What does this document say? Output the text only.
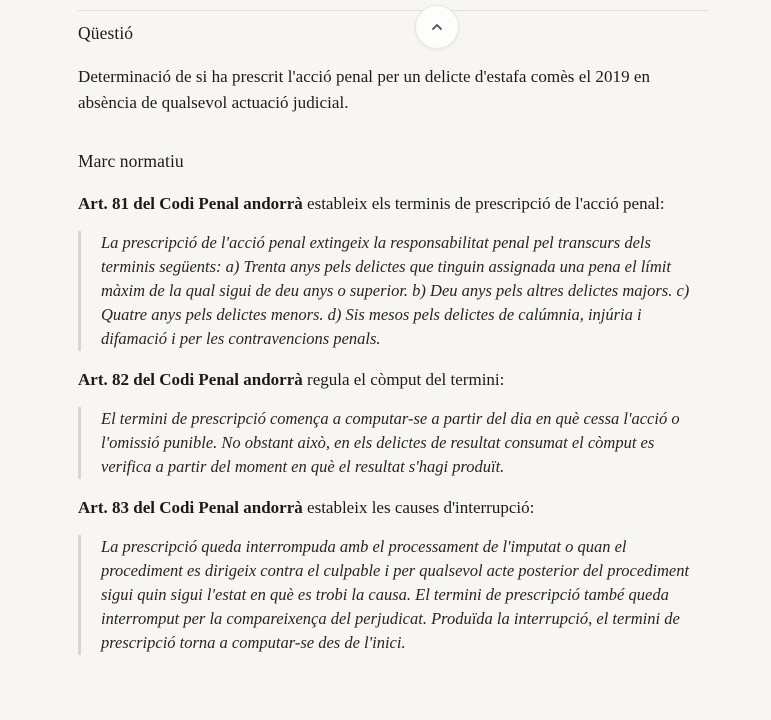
Qüestió

Determinació de si ha prescrit l'acció penal per un delicte d'estafa comès el 2019 en absència de qualsevol actuació judicial.

Marc normatiu

Art. 81 del Codi Penal andorrà estableix els terminis de prescripció de l'acció penal:

La prescripció de l'acció penal extingeix la responsabilitat penal pel transcurs dels terminis següents: a) Trenta anys pels delictes que tinguin assignada una pena el límit màxim de la qual sigui de deu anys o superior. b) Deu anys pels altres delictes majors. c) Quatre anys pels delictes menors. d) Sis mesos pels delictes de calúmnia, injúria i difamació i per les contravencions penals.

Art. 82 del Codi Penal andorrà regula el còmput del termini:

El termini de prescripció comença a computar-se a partir del dia en què cessa l'acció o l'omissió punible. No obstant això, en els delictes de resultat consumat el còmput es verifica a partir del moment en què el resultat s'hagi produït.

Art. 83 del Codi Penal andorrà estableix les causes d'interrupció:

La prescripció queda interrompuda amb el processament de l'imputat o quan el procediment es dirigeix contra el culpable i per qualsevol acte posterior del procediment sigui quin sigui l'estat en què es trobi la causa. El termini de prescripció també queda interromput per la compareixença del perjudicat. Produïda la interrupció, el termini de prescripció torna a computar-se des de l'inici.
